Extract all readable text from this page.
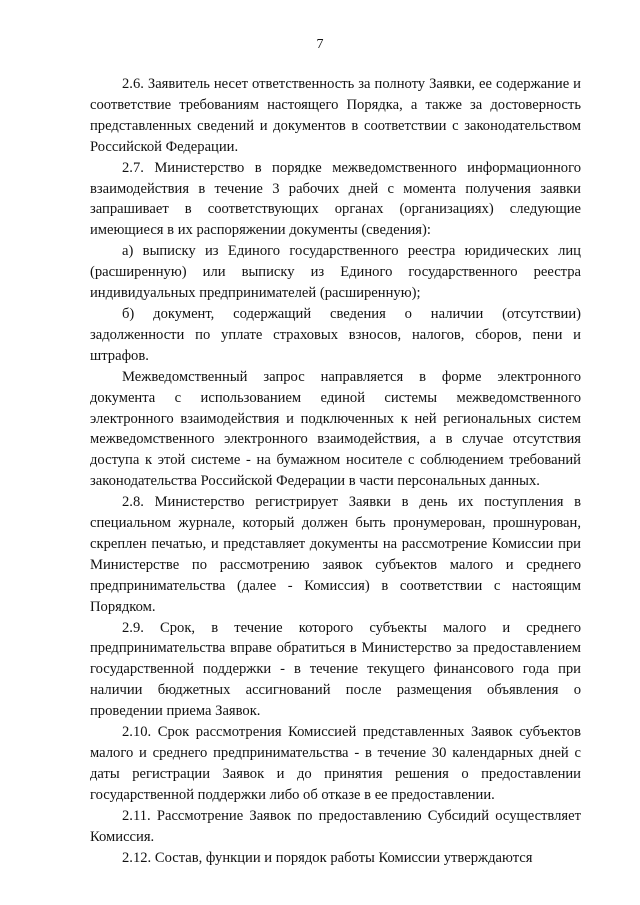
7

2.6. Заявитель несет ответственность за полноту Заявки, ее содержание и соответствие требованиям настоящего Порядка, а также за достоверность представленных сведений и документов в соответствии с законодательством Российской Федерации.

2.7. Министерство в порядке межведомственного информационного взаимодействия в течение 3 рабочих дней с момента получения заявки запрашивает в соответствующих органах (организациях) следующие имеющиеся в их распоряжении документы (сведения):

а) выписку из Единого государственного реестра юридических лиц (расширенную) или выписку из Единого государственного реестра индивидуальных предпринимателей (расширенную);

б) документ, содержащий сведения о наличии (отсутствии) задолженности по уплате страховых взносов, налогов, сборов, пени и штрафов.

Межведомственный запрос направляется в форме электронного документа с использованием единой системы межведомственного электронного взаимодействия и подключенных к ней региональных систем межведомственного электронного взаимодействия, а в случае отсутствия доступа к этой системе - на бумажном носителе с соблюдением требований законодательства Российской Федерации в части персональных данных.

2.8. Министерство регистрирует Заявки в день их поступления в специальном журнале, который должен быть пронумерован, прошнурован, скреплен печатью, и представляет документы на рассмотрение Комиссии при Министерстве по рассмотрению заявок субъектов малого и среднего предпринимательства (далее - Комиссия) в соответствии с настоящим Порядком.

2.9. Срок, в течение которого субъекты малого и среднего предпринимательства вправе обратиться в Министерство за предоставлением государственной поддержки - в течение текущего финансового года при наличии бюджетных ассигнований после размещения объявления о проведении приема Заявок.

2.10. Срок рассмотрения Комиссией представленных Заявок субъектов малого и среднего предпринимательства - в течение 30 календарных дней с даты регистрации Заявок и до принятия решения о предоставлении государственной поддержки либо об отказе в ее предоставлении.

2.11. Рассмотрение Заявок по предоставлению Субсидий осуществляет Комиссия.

2.12. Состав, функции и порядок работы Комиссии утверждаются
